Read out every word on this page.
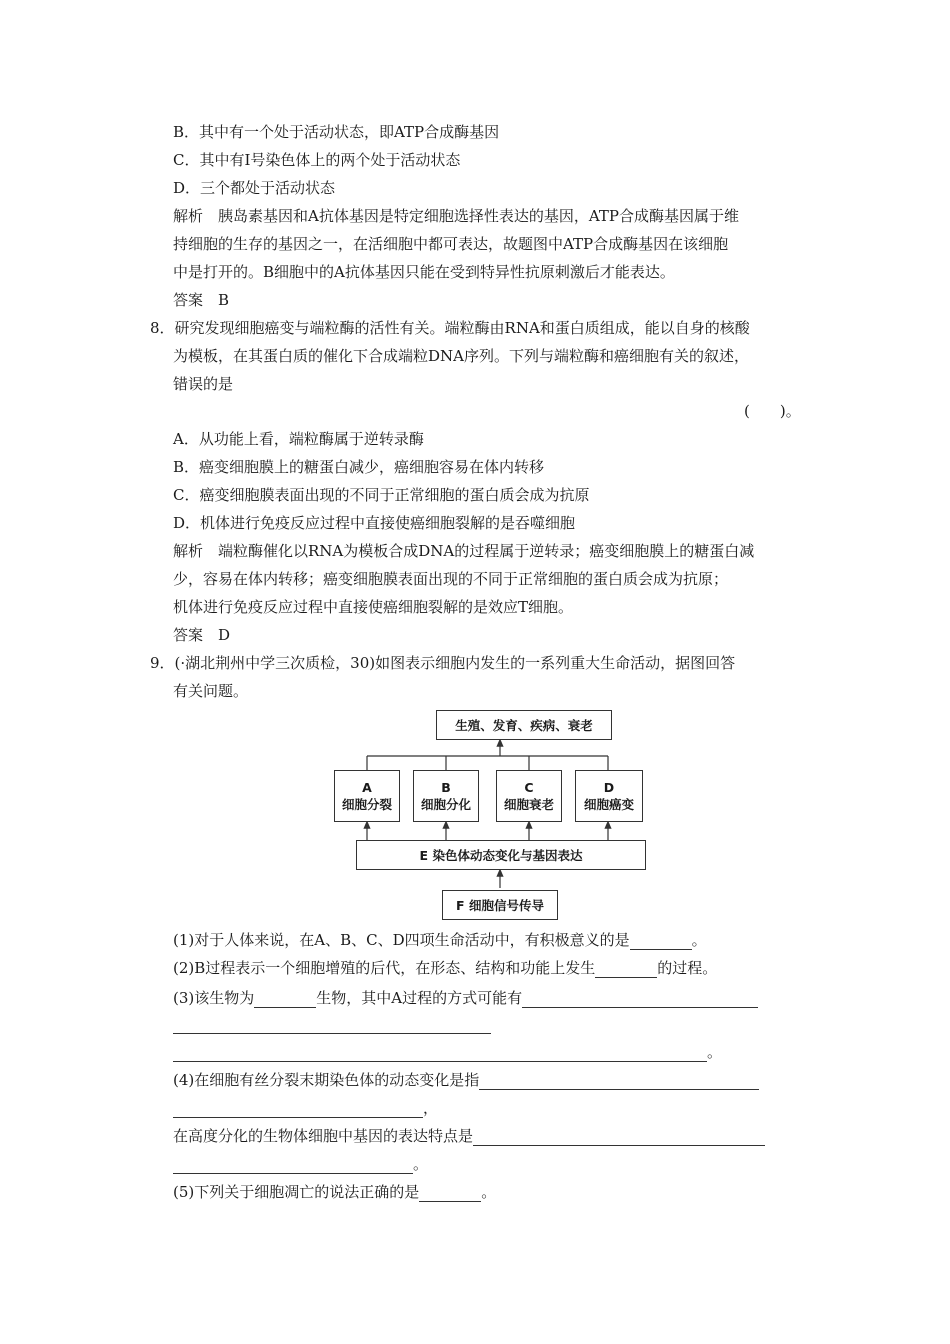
B．其中有一个处于活动状态，即ATP合成酶基因
C．其中有Ⅰ号染色体上的两个处于活动状态
D．三个都处于活动状态
解析　胰岛素基因和A抗体基因是特定细胞选择性表达的基因，ATP合成酶基因属于维
持细胞的生存的基因之一，在活细胞中都可表达，故题图中ATP合成酶基因在该细胞
中是打开的。B细胞中的A抗体基因只能在受到特异性抗原刺激后才能表达。
答案　B
8．研究发现细胞癌变与端粒酶的活性有关。端粒酶由RNA和蛋白质组成，能以自身的核酸
为模板，在其蛋白质的催化下合成端粒DNA序列。下列与端粒酶和癌细胞有关的叙述，
错误的是
(　　)。
A．从功能上看，端粒酶属于逆转录酶
B．癌变细胞膜上的糖蛋白减少，癌细胞容易在体内转移
C．癌变细胞膜表面出现的不同于正常细胞的蛋白质会成为抗原
D．机体进行免疫反应过程中直接使癌细胞裂解的是吞噬细胞
解析　端粒酶催化以RNA为模板合成DNA的过程属于逆转录；癌变细胞膜上的糖蛋白减
少，容易在体内转移；癌变细胞膜表面出现的不同于正常细胞的蛋白质会成为抗原；
机体进行免疫反应过程中直接使癌细胞裂解的是效应T细胞。
答案　D
9．(·湖北荆州中学三次质检，30)如图表示细胞内发生的一系列重大生命活动，据图回答
有关问题。
生殖、发育、疾病、衰老
A
细胞分裂
B
细胞分化
C
细胞衰老
D
细胞癌变
E 染色体动态变化与基因表达
F 细胞信号传导
(1)对于人体来说，在A、B、C、D四项生命活动中，有积极意义的是	。
(2)B过程表示一个细胞增殖的后代，在形态、结构和功能上发生	的过程。
(3)该生物为	生物，其中A过程的方式可能有
。
(4)在细胞有丝分裂末期染色体的动态变化是指
，
在高度分化的生物体细胞中基因的表达特点是
。
(5)下列关于细胞凋亡的说法正确的是	。
